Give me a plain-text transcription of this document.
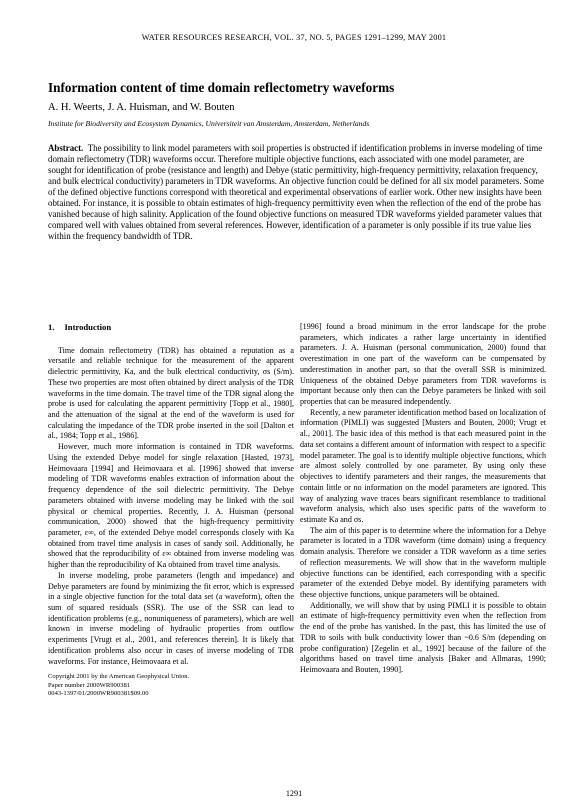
WATER RESOURCES RESEARCH, VOL. 37, NO. 5, PAGES 1291–1299, MAY 2001
Information content of time domain reflectometry waveforms
A. H. Weerts, J. A. Huisman, and W. Bouten
Institute for Biodiversity and Ecosystem Dynamics, Universiteit van Amsterdam, Amsterdam, Netherlands

Abstract. The possibility to link model parameters with soil properties is obstructed if identification problems in inverse modeling of time domain reflectometry (TDR) waveforms occur. Therefore multiple objective functions, each associated with one model parameter, are sought for identification of probe (resistance and length) and Debye (static permittivity, high-frequency permittivity, relaxation frequency, and bulk electrical conductivity) parameters in TDR waveforms. An objective function could be defined for all six model parameters. Some of the defined objective functions correspond with theoretical and experimental observations of earlier work. Other new insights have been obtained. For instance, it is possible to obtain estimates of high-frequency permittivity even when the reflection of the end of the probe has vanished because of high salinity. Application of the found objective functions on measured TDR waveforms yielded parameter values that compared well with values obtained from several references. However, identification of a parameter is only possible if its true value lies within the frequency bandwidth of TDR.

1. Introduction

Time domain reflectometry (TDR) has obtained a reputation as a versatile and reliable technique for the measurement of the apparent dielectric permittivity, Ka, and the bulk electrical conductivity, σs (S/m). These two properties are most often obtained by direct analysis of the TDR waveforms in the time domain. The travel time of the TDR signal along the probe is used for calculating the apparent permittivity [Topp et al., 1980], and the attenuation of the signal at the end of the waveform is used for calculating the impedance of the TDR probe inserted in the soil [Dalton et al., 1984; Topp et al., 1986].

However, much more information is contained in TDR waveforms. Using the extended Debye model for single relaxation [Hasted, 1973], Heimovaara [1994] and Heimovaara et al. [1996] showed that inverse modeling of TDR waveforms enables extraction of information about the frequency dependence of the soil dielectric permittivity. The Debye parameters obtained with inverse modeling may be linked with the soil physical or chemical properties. Recently, J. A. Huisman (personal communication, 2000) showed that the high-frequency permittivity parameter, ε∞, of the extended Debye model corresponds closely with Ka obtained from travel time analysis in cases of sandy soil. Additionally, he showed that the reproducibility of ε∞ obtained from inverse modeling was higher than the reproducibility of Ka obtained from travel time analysis.

In inverse modeling, probe parameters (length and impedance) and Debye parameters are found by minimizing the fit error, which is expressed in a single objective function for the total data set (a waveform), often the sum of squared residuals (SSR). The use of the SSR can lead to identification problems (e.g., nonuniqueness of parameters), which are well known in inverse modeling of hydraulic properties from outflow experiments [Vrugt et al., 2001, and references therein]. It is likely that identification problems also occur in cases of inverse modeling of TDR waveforms. For instance, Heimovaara et al.

Copyright 2001 by the American Geophysical Union.
Paper number 2000WR900381
0043-1397/01/2000WR900381$09.00

[1996] found a broad minimum in the error landscape for the probe parameters, which indicates a rather large uncertainty in identified parameters. J. A. Huisman (personal communication, 2000) found that overestimation in one part of the waveform can be compensated by underestimation in another part, so that the overall SSR is minimized. Uniqueness of the obtained Debye parameters from TDR waveforms is important because only then can the Debye parameters be linked with soil properties that can be measured independently.

Recently, a new parameter identification method based on localization of information (PIMLI) was suggested [Musters and Bouten, 2000; Vrugt et al., 2001]. The basic idea of this method is that each measured point in the data set contains a different amount of information with respect to a specific model parameter. The goal is to identify multiple objective functions, which are almost solely controlled by one parameter. By using only these objectives to identify parameters and their ranges, the measurements that contain little or no information on the model parameters are ignored. This way of analyzing wave traces bears significant resemblance to traditional waveform analysis, which also uses specific parts of the waveform to estimate Ka and σs.

The aim of this paper is to determine where the information for a Debye parameter is located in a TDR waveform (time domain) using a frequency domain analysis. Therefore we consider a TDR waveform as a time series of reflection measurements. We will show that in the waveform multiple objective functions can be identified, each corresponding with a specific parameter of the extended Debye model. By identifying parameters with these objective functions, unique parameters will be obtained.

Additionally, we will show that by using PIMLI it is possible to obtain an estimate of high-frequency permittivity even when the reflection from the end of the probe has vanished. In the past, this has limited the use of TDR to soils with bulk conductivity lower than ~0.6 S/m (depending on probe configuration) [Zegelin et al., 1992] because of the failure of the algorithms based on travel time analysis [Baker and Allmaras, 1990; Heimovaara and Bouten, 1990].

1291
